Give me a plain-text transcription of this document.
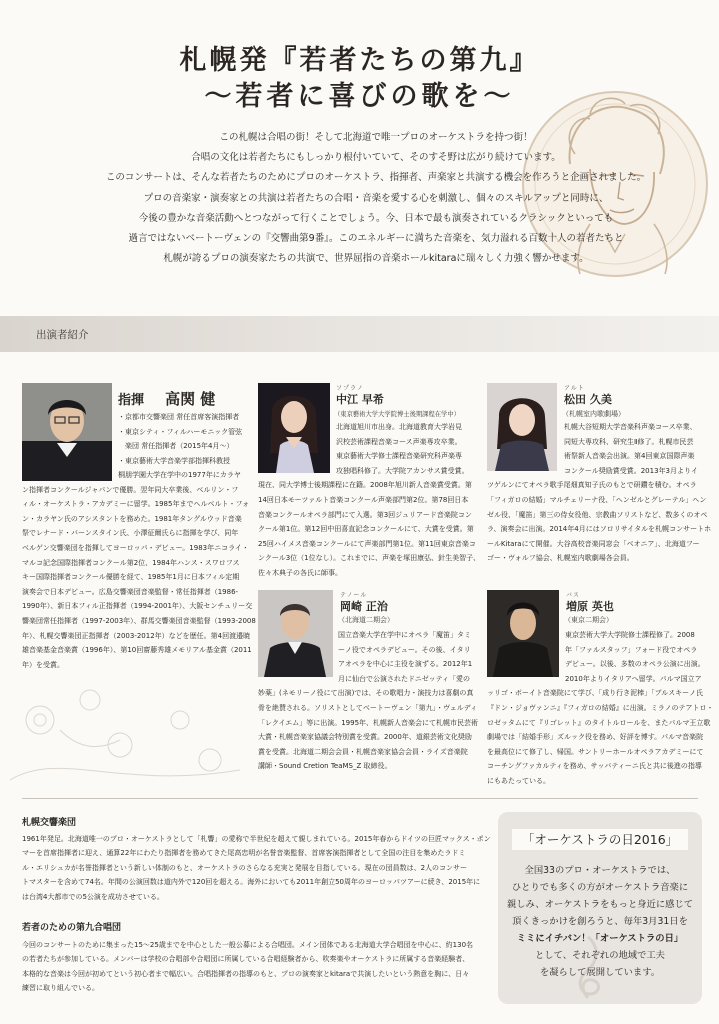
札幌発『若者たちの第九』
〜若者に喜びの歌を〜
この札幌は合唱の街！そして北海道で唯一プロのオーケストラを持つ街！
合唱の文化は若者たちにもしっかり根付いていて、そのすそ野は広がり続けています。
このコンサートは、そんな若者たちのためにプロのオーケストラ、指揮者、声楽家と共演する機会を作ろうと企画されました。
プロの音楽家・演奏家との共演は若者たちの合唱・音楽を愛する心を刺激し、個々のスキルアップと同時に、
今後の豊かな音楽活動へとつながって行くことでしょう。今、日本で最も演奏されているクラシックといっても
過言ではないベートーヴェンの『交響曲第9番』。このエネルギーに満ちた音楽を、気力溢れる百数十人の若者たちと
札幌が誇るプロの演奏家たちの共演で、世界屈指の音楽ホールkitaraに瑞々しく力強く響かせます。
出演者紹介
指揮 高関 健
・京都市交響楽団 常任首席客演指揮者
・東京シティ・フィルハーモニック管弦
　楽団 常任指揮者（2015年4月〜）
・東京藝術大学音楽学部指揮科教授
桐朋学園大学在学中の1977年にカラヤ
ン指揮者コンクールジャパンで優勝。翌年同大卒業後、ベルリン・フ
ィル・オーケストラ・アカデミーに留学。1985年までヘルベルト・フォ
ン・カラヤン氏のアシスタントを務めた。1981年タングルウッド音楽
祭でレナード・バーンスタイン氏、小澤征爾氏らに指揮を学び、同年
ベルゲン交響楽団を指揮してヨーロッパ・デビュー。1983年ニコライ・
マルコ記念国際指揮者コンクール第2位、1984年ハンス・スワロフス
キー国際指揮者コンクール優勝を経て、1985年1月に日本フィル定期
演奏会で日本デビュー。広島交響楽団音楽監督・常任指揮者（1986-
1990年）、新日本フィル正指揮者（1994-2001年）、大阪センチュリー交
響楽団常任指揮者（1997-2003年）、群馬交響楽団音楽監督（1993-2008
年）、札幌交響楽団正指揮者（2003-2012年）などを歴任。第4回渡邉暁
雄音楽基金音楽賞（1996年）、第10回齋藤秀雄メモリアル基金賞（2011
年）を受賞。
ソプラノ
中江 早希
（東京藝術大学大学院博士後期課程在学中）
北海道旭川市出身。北海道教育大学岩見
沢校芸術課程音楽コース声楽専攻卒業。
東京藝術大学修士課程音楽研究科声楽専
攻独唱科修了。大学院アカンサス賞受賞。
現在、同大学博士後期課程に在籍。2008年旭川新人音楽賞受賞。第
14回日本モーツァルト音楽コンクール声楽部門第2位。第78回日本
音楽コンクールオペラ部門にて入選。第3回ジュリアード音楽院コン
クール第1位。第12回中田喜直記念コンクールにて、大賞を受賞。第
25回ハイメス音楽コンクールにて声楽部門第1位。第11回東京音楽コ
ンクール3位（1位なし）。これまでに、声楽を塚田康弘、針生美智子、
佐々木典子の各氏に師事。
アルト
松田 久美
（札幌室内歌劇場）
札幌大谷短期大学音楽科声楽コース卒業、
同短大専攻科、研究生Ⅱ修了。札幌市民芸
術祭新人音楽会出演。第4回東京国際声楽
コンクール奨励賞受賞。2013年3月よりイ
ツゲルンにてオペラ歌手尾畑真知子氏のもとで研鑽を積む。オペラ
「フィガロの結婚」マルチェリーナ役、「ヘンゼルとグレーテル」ヘン
ゼル役、「魔笛」第三の侍女役他、宗教曲ソリストなど、数多くのオペ
ラ、演奏会に出演。2014年4月にはソロリサイタルを札幌コンサートホ
ールKitaraにて開催。大谷高校音楽同窓会「ベオニア」、北海道フー
ゴー・ヴォルフ協会、札幌室内歌劇場各会員。
テノール
岡崎 正治
（北海道二期会）
国立音楽大学在学中にオペラ「魔笛」タミ
ーノ役でオペラデビュー。その後、イタリ
アオペラを中心に主役を演ずる。2012年1
月に仙台で公演されたドニゼッティ「愛の
妙薬」(ネモリーノ役にて出演)では、その歌唱力・演技力は喜劇の真
骨を絶賛される。ソリストとしてベートーヴェン「第九」・ヴェルディ
「レクイエム」等に出演。1995年、札幌新人音楽会にて札幌市民芸術
大賞・札幌音楽家協議会特別賞を受賞。2000年、道銀芸術文化奨励
賞を受賞。北海道二期会会員・札幌音楽家協会会員・ライズ音楽院
講師・Sound Cretion TeaMS_Z 取締役。
バス
増原 英也
（東京二期会）
東京芸術大学大学院修士課程修了。2008
年「ファルスタッフ」フォード役でオペラ
デビュー。以後、多数のオペラ公演に出演。
2010年よりイタリアへ留学。パルマ国立ア
ッリゴ・ボーイト音楽院にて学び、「成り行き泥棒」「ブルスキーノ氏
『ドン・ジョヴァンニ』『フィガロの結婚』に出演。ミラノのテアトロ・
ロゼッタムにて『リゴレット』のタイトルロールを、またパルマ王立歌
劇場では「結婚手形」ズルック役を務め、好評を博す。パルマ音楽院
を最高位にて修了し、帰国。サントリーホールオペラアカデミーにて
コーチングファカルティを務め、サッバティーニ氏と共に後進の指導
にもあたっている。
札幌交響楽団
1961年発足。北海道唯一のプロ・オーケストラとして「札響」の愛称で半世紀を超えて親しまれている。2015年春からドイツの巨匠マックス・ポン
マーを首席指揮者に迎え、通算22年にわたり指揮者を務めてきた尾高忠明が名誉音楽監督、首席客演指揮者として全国の注目を集めたラドミ
ル・エリシュカが名誉指揮者という新しい体制のもと、オーケストラのさらなる充実と発展を目指している。現在の団員数は、2人のコンサー
トマスターを含めて74名。年間の公演回数は道内外で120回を超える。海外においても2011年創立50周年のヨーロッパツアーに続き、2015年に
は台湾4大都市での5公演を成功させている。
若者のための第九合唱団
今回のコンサートのために集まった15〜25歳までを中心とした一般公募による合唱団。メイン団体である北海道大学合唱団を中心に、約130名
の若者たちが参加している。メンバーは学校の合唱部や合唱団に所属している合唱経験者から、吹奏楽やオーケストラに所属する音楽経験者、
本格的な音楽は今回が初めてという初心者まで幅広い。合唱指揮者の指導のもと、プロの演奏家とkitaraで共演したいという熱意を胸に、日々
練習に取り組んでいる。
「オーケストラの日2016」
全国33のプロ・オーケストラでは、
ひとりでも多くの方がオーケストラ音楽に
親しみ、オーケストラをもっと身近に感じて
頂くきっかけを創ろうと、毎年3月31日を
ミミにイチバン！「オーケストラの日」
として、それぞれの地域で工夫
を凝らして展開しています。
